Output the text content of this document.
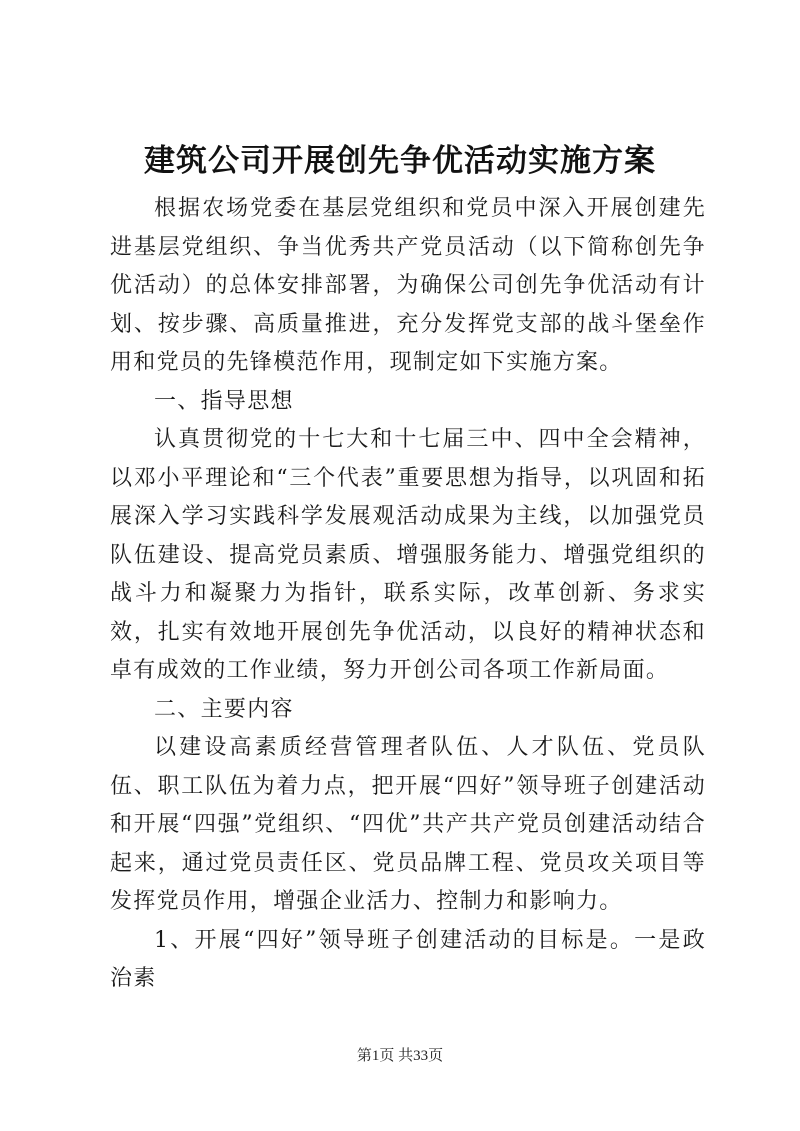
建筑公司开展创先争优活动实施方案

根据农场党委在基层党组织和党员中深入开展创建先进基层党组织、争当优秀共产党员活动（以下简称创先争优活动）的总体安排部署，为确保公司创先争优活动有计划、按步骤、高质量推进，充分发挥党支部的战斗堡垒作用和党员的先锋模范作用，现制定如下实施方案。

一、指导思想

认真贯彻党的十七大和十七届三中、四中全会精神，以邓小平理论和“三个代表”重要思想为指导，以巩固和拓展深入学习实践科学发展观活动成果为主线，以加强党员队伍建设、提高党员素质、增强服务能力、增强党组织的战斗力和凝聚力为指针，联系实际，改革创新、务求实效，扎实有效地开展创先争优活动，以良好的精神状态和卓有成效的工作业绩，努力开创公司各项工作新局面。

二、主要内容

以建设高素质经营管理者队伍、人才队伍、党员队伍、职工队伍为着力点，把开展“四好”领导班子创建活动和开展“四强”党组织、“四优”共产共产党员创建活动结合起来，通过党员责任区、党员品牌工程、党员攻关项目等发挥党员作用，增强企业活力、控制力和影响力。

1、开展“四好”领导班子创建活动的目标是。一是政治素

第1页 共33页
